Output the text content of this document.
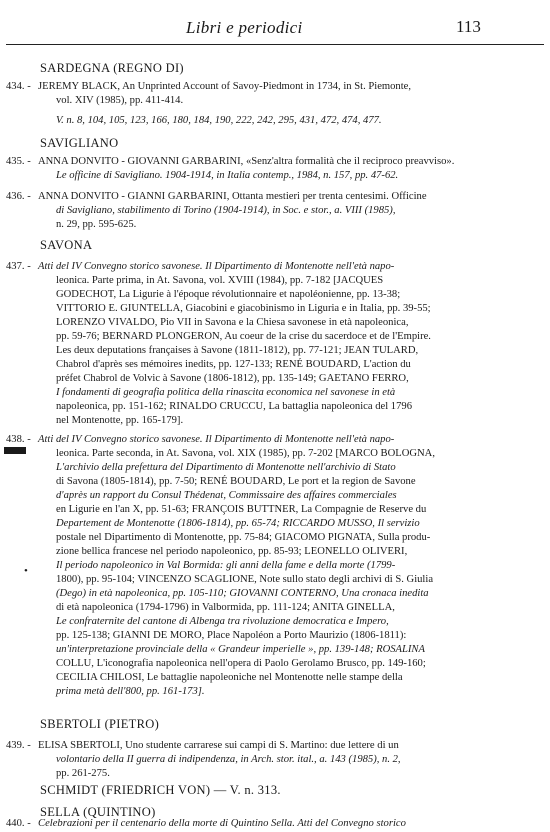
Libri e periodici	113
SARDEGNA (REGNO DI)
434. - JEREMY BLACK, An Unprinted Account of Savoy-Piedmont in 1734, in St. Piemonte,
vol. XIV (1985), pp. 411-414.
V. n. 8, 104, 105, 123, 166, 180, 184, 190, 222, 242, 295, 431, 472, 474, 477.
SAVIGLIANO
435. - ANNA DONVITO - GIOVANNI GARBARINI, «Senz'altra formalità che il reciproco preavviso».
Le officine di Savigliano. 1904-1914, in Italia contemp., 1984, n. 157, pp. 47-62.
436. - ANNA DONVITO - GIANNI GARBARINI, Ottanta mestieri per trenta centesimi. Officine
di Savigliano, stabilimento di Torino (1904-1914), in Soc. e stor., a. VIII (1985),
n. 29, pp. 595-625.
SAVONA
437. - Atti del IV Convegno storico savonese. Il Dipartimento di Montenotte nell'età napo-
leonica. Parte prima, in At. Savona, vol. XVIII (1984), pp. 7-182 [JACQUES
GODECHOT, La Ligurie à l'époque révolutionnaire et napoléonienne, pp. 13-38;
VITTORIO E. GIUNTELLA, Giacobini e giacobinismo in Liguria e in Italia, pp. 39-55;
LORENZO VIVALDO, Pio VII in Savona e la Chiesa savonese in età napoleonica,
pp. 59-76; BERNARD PLONGERON, Au coeur de la crise du sacerdoce et de l'Empire.
Les deux deputations françaises à Savone (1811-1812), pp. 77-121; JEAN TULARD,
Chabrol d'après ses mémoires inedits, pp. 127-133; RENÉ BOUDARD, L'action du
préfet Chabrol de Volvic à Savone (1806-1812), pp. 135-149; GAETANO FERRO,
I fondamenti di geografia politica della rinascita economica nel savonese in età
napoleonica, pp. 151-162; RINALDO CRUCCU, La battaglia napoleonica del 1796
nel Montenotte, pp. 165-179].
438. - Atti del IV Convegno storico savonese. Il Dipartimento di Montenotte nell'età napo-
leonica. Parte seconda, in At. Savona, vol. XIX (1985), pp. 7-202 [MARCO BOLOGNA,
L'archivio della prefettura del Dipartimento di Montenotte nell'archivio di Stato
di Savona (1805-1814), pp. 7-50; RENÉ BOUDARD, Le port et la region de Savone
d'après un rapport du Consul Thédenat, Commissaire des affaires commerciales
en Ligurie en l'an X, pp. 51-63; FRANÇOIS BUTTNER, La Compagnie de Reserve du
Departement de Montenotte (1806-1814), pp. 65-74; RICCARDO MUSSO, Il servizio
postale nel Dipartimento di Montenotte, pp. 75-84; GIACOMO PIGNATA, Sulla produ-
zione bellica francese nel periodo napoleonico, pp. 85-93; LEONELLO OLIVERI,
Il periodo napoleonico in Val Bormida: gli anni della fame e della morte (1799-
1800), pp. 95-104; VINCENZO SCAGLIONE, Note sullo stato degli archivi di S. Giulia
(Dego) in età napoleonica, pp. 105-110; GIOVANNI CONTERNO, Una cronaca inedita
di età napoleonica (1794-1796) in Valbormida, pp. 111-124; ANITA GINELLA,
Le confraternite del cantone di Albenga tra rivoluzione democratica e Impero,
pp. 125-138; GIANNI DE MORO, Place Napoléon a Porto Maurizio (1806-1811):
un'interpretazione provinciale della « Grandeur imperielle », pp. 139-148; ROSALINA
COLLU, L'iconografia napoleonica nell'opera di Paolo Gerolamo Brusco, pp. 149-160;
CECILIA CHILOSI, Le battaglie napoleoniche nel Montenotte nelle stampe della
prima metà dell'800, pp. 161-173].
•
SBERTOLI (PIETRO)
439. - ELISA SBERTOLI, Uno studente carrarese sui campi di S. Martino: due lettere di un
volontario della II guerra di indipendenza, in Arch. stor. ital., a. 143 (1985), n. 2,
pp. 261-275.
SCHMIDT (FRIEDRICH VON) — V. n. 313.
SELLA (QUINTINO)
440. - Celebrazioni per il centenario della morte di Quintino Sella. Atti del Convegno storico
